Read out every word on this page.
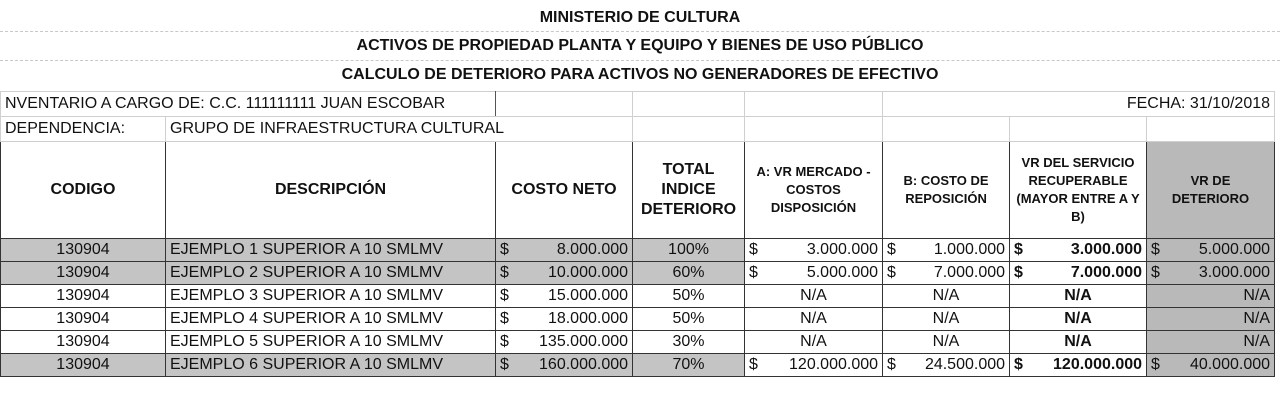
MINISTERIO DE CULTURA
ACTIVOS DE PROPIEDAD PLANTA Y EQUIPO Y BIENES DE USO PÚBLICO
CALCULO DE DETERIORO PARA ACTIVOS NO GENERADORES DE EFECTIVO
NVENTARIO A CARGO DE: C.C. 111111111 JUAN ESCOBAR					FECHA: 31/10/2018		
DEPENDENCIA:	GRUPO DE INFRAESTRUCTURA CULTURAL						
CODIGO	DESCRIPCIÓN	COSTO NETO	TOTAL INDICE DETERIORO	A: VR MERCADO - COSTOS DISPOSICIÓN	B: COSTO DE REPOSICIÓN	VR DEL SERVICIO RECUPERABLE (MAYOR ENTRE A Y B)	VR DE DETERIORO
130904	EJEMPLO 1 SUPERIOR A 10 SMLMV	$ 8.000.000	100%	$ 3.000.000	$ 1.000.000	$ 3.000.000	$ 5.000.000

130904	EJEMPLO 2 SUPERIOR A 10 SMLMV	$ 10.000.000	60%	$ 5.000.000	$ 7.000.000	$ 7.000.000	$ 3.000.000

130904	EJEMPLO 3 SUPERIOR A 10 SMLMV	$ 15.000.000	50%	N/A	N/A	N/A	N/A
130904	EJEMPLO 4 SUPERIOR A 10 SMLMV	$ 18.000.000	50%	N/A	N/A	N/A	N/A
130904	EJEMPLO 5 SUPERIOR A 10 SMLMV	$ 135.000.000	30%	N/A	N/A	N/A	N/A
130904	EJEMPLO 6 SUPERIOR A 10 SMLMV	$ 160.000.000	70%	$ 120.000.000	$ 24.500.000	$ 120.000.000	$ 40.000.000
